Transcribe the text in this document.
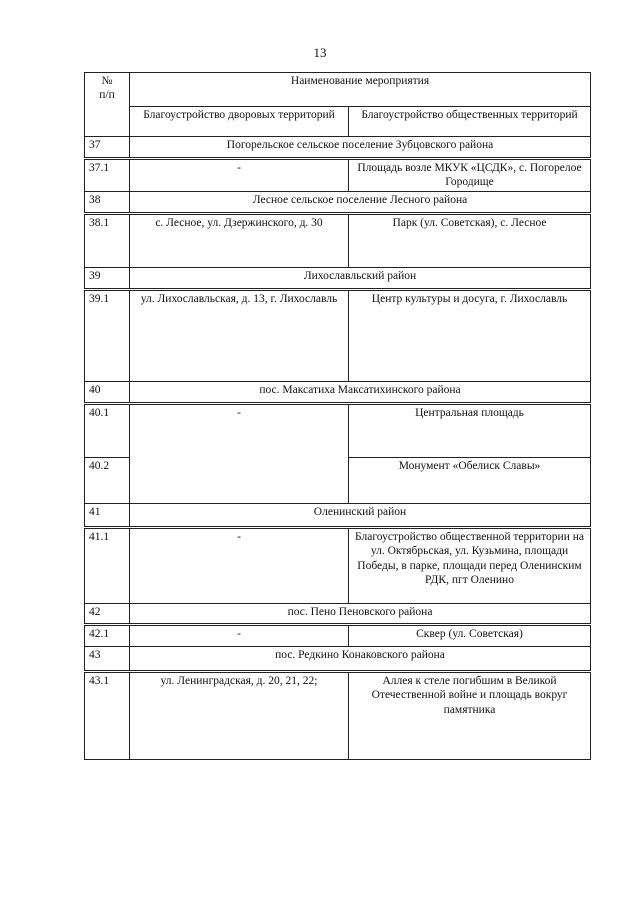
13
№
п/п	Наименование мероприятия	
	Благоустройство дворовых территорий	Благоустройство общественных территорий
37	Погорельское сельское поселение Зубцовского района	
37.1	-	Площадь возле МКУК «ЦСДК», с. Погорелое Городище
38	Лесное сельское поселение Лесного района	
38.1	с. Лесное, ул. Дзержинского, д. 30	Парк (ул. Советская), с. Лесное
39	Лихославльский район	
39.1	ул. Лихославльская, д. 13, г. Лихославль	Центр культуры и досуга, г. Лихославль
40	пос. Максатиха Максатихинского района	
40.1	-	Центральная площадь
40.2		Монумент «Обелиск Славы»
41	Оленинский район	
41.1	-	Благоустройство общественной территории на ул. Октябрьская, ул. Кузьмина, площади Победы, в парке, площади перед Оленинским РДК, пгт Оленино
42	пос. Пено Пеновского района	
42.1	-	Сквер (ул. Советская)
43	пос. Редкино Конаковского района	
43.1	ул. Ленинградская, д. 20, 21, 22;	Аллея к стеле погибшим в Великой Отечественной войне и площадь вокруг памятника
